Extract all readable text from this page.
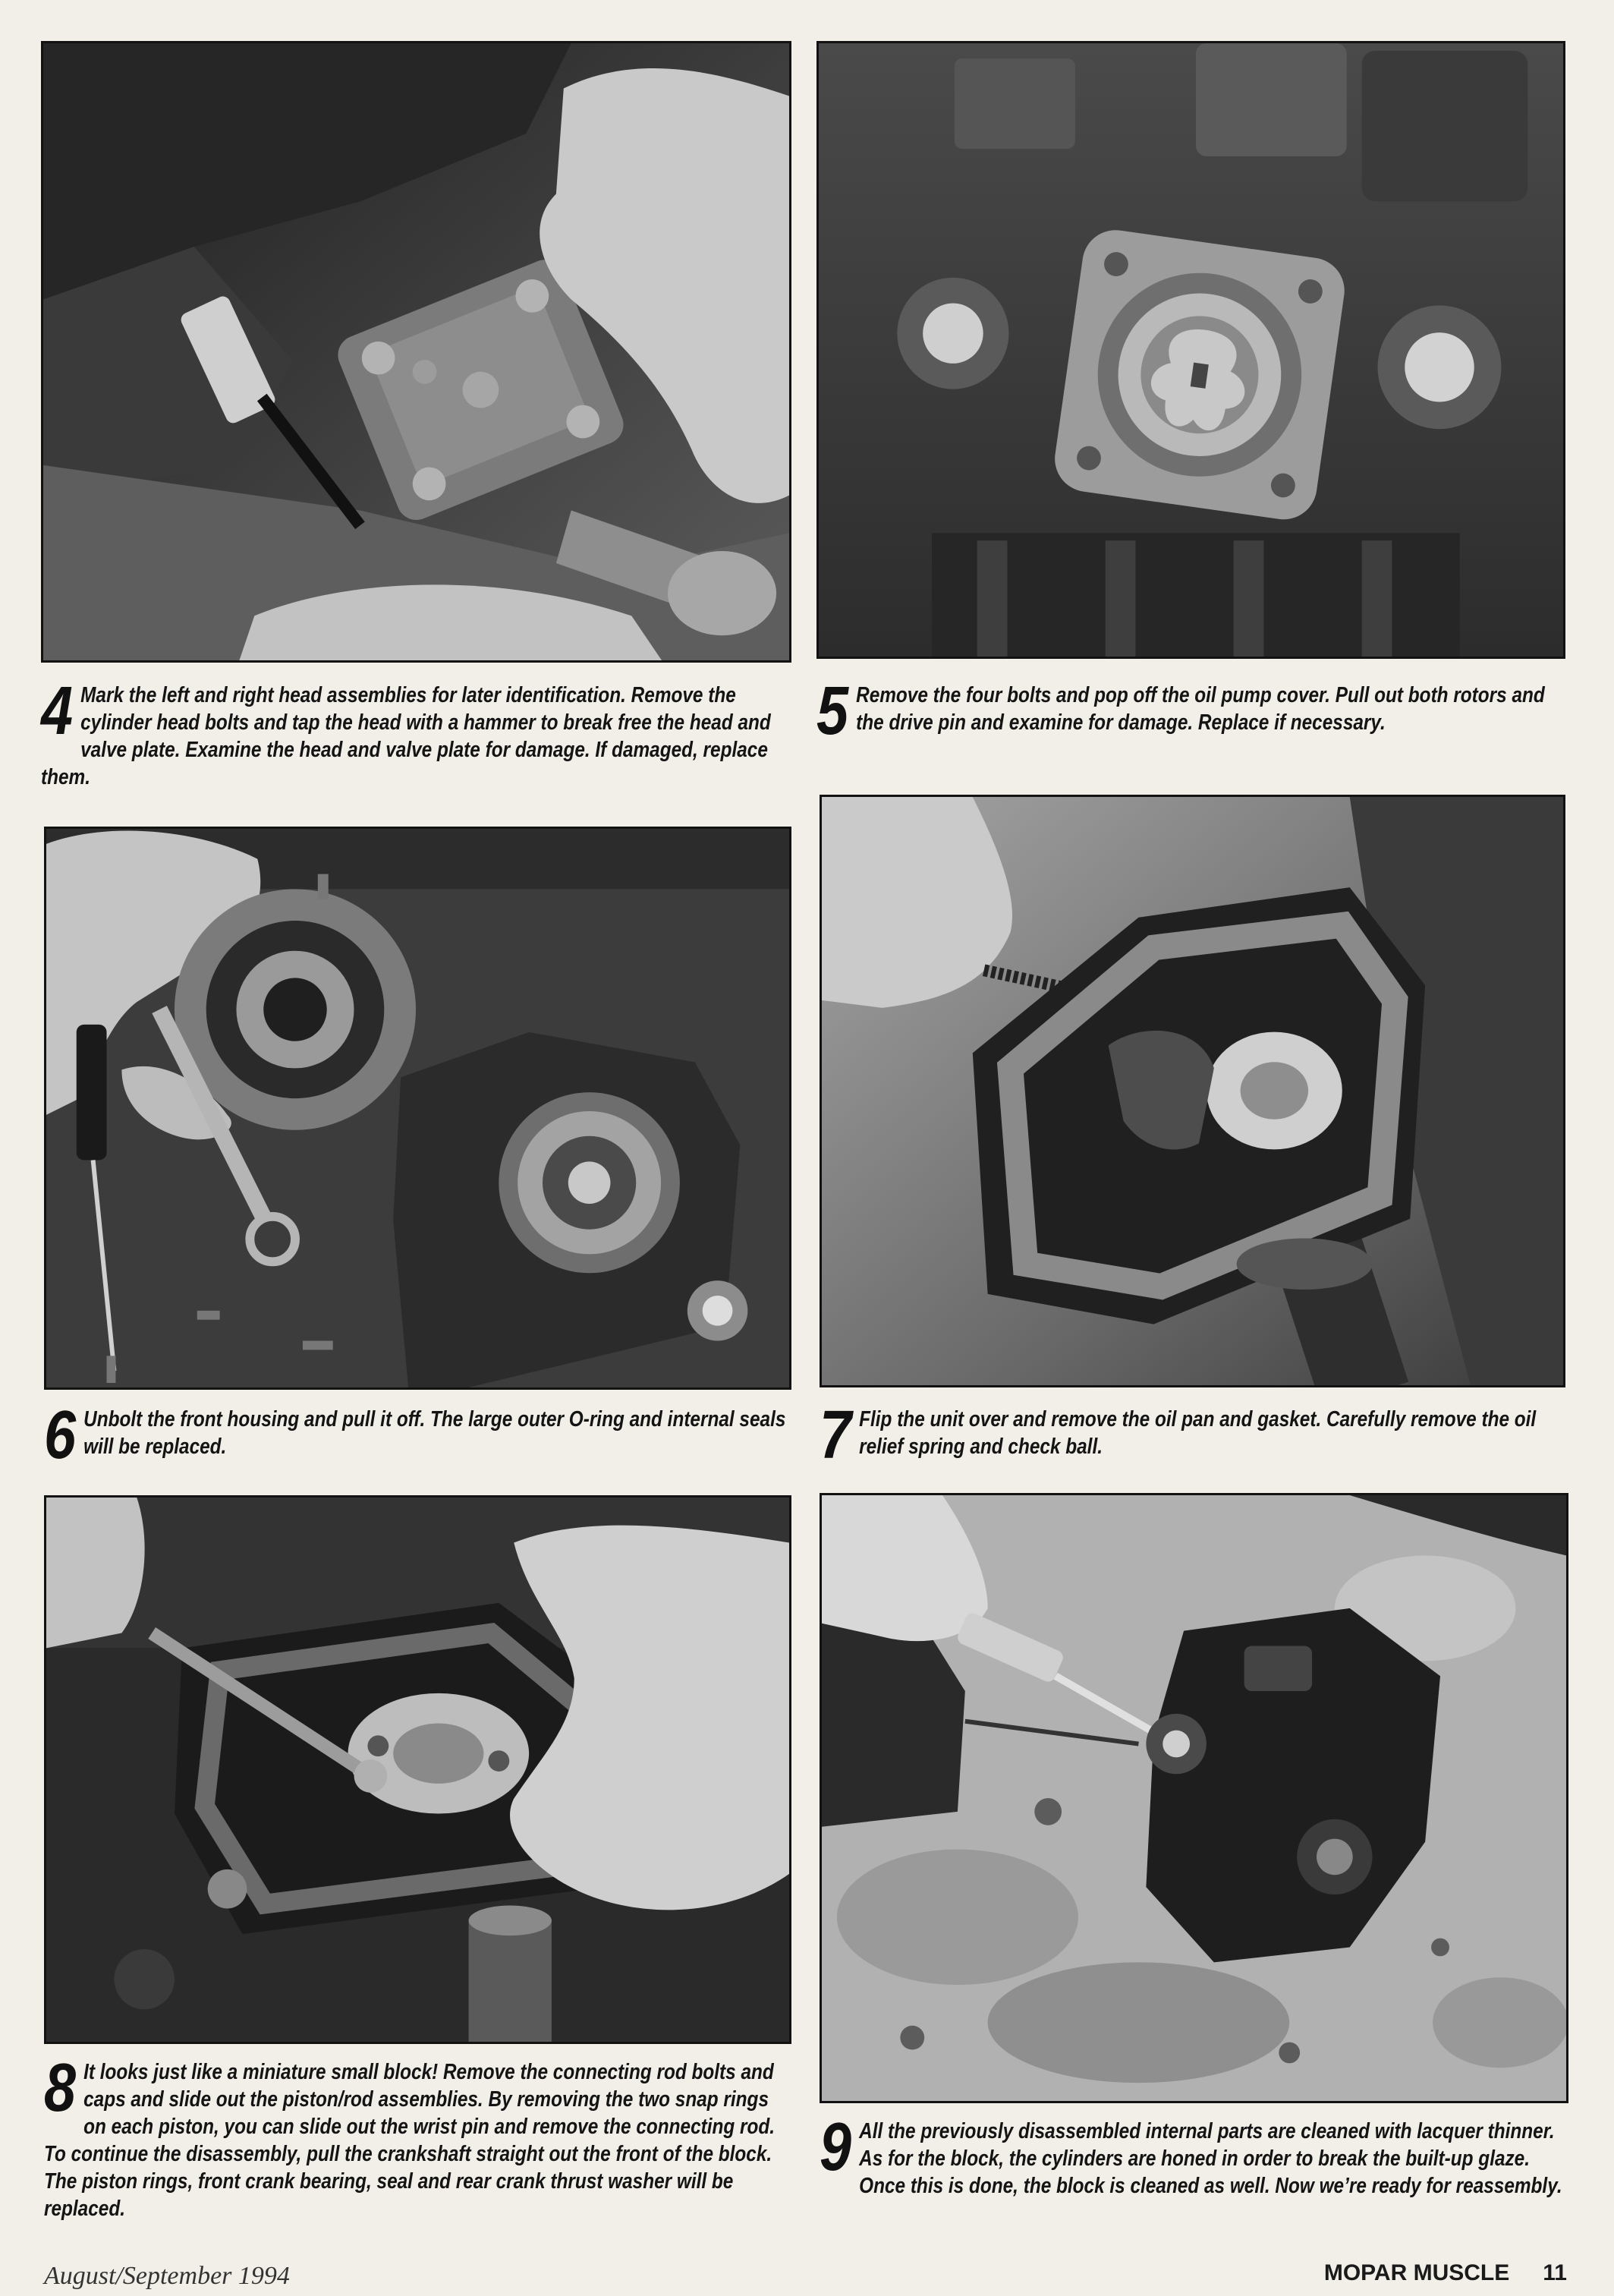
4 Mark the left and right head assemblies for later identification. Remove the cylinder head bolts and tap the head with a hammer to break free the head and valve plate. Examine the head and valve plate for damage. If damaged, replace them.
5 Remove the four bolts and pop off the oil pump cover. Pull out both rotors and the drive pin and examine for damage. Replace if necessary.
6 Unbolt the front housing and pull it off. The large outer O-ring and internal seals will be replaced.	7 Flip the unit over and remove the oil pan and gasket. Carefully remove the oil relief spring and check ball.
8 It looks just like a miniature small block! Remove the connecting rod bolts and caps and slide out the piston/rod assemblies. By removing the two snap rings on each piston, you can slide out the wrist pin and remove the connecting rod. To continue the disassembly, pull the crankshaft straight out the front of the block. The piston rings, front crank bearing, seal and rear crank thrust washer will be replaced.
9 All the previously disassembled internal parts are cleaned with lacquer thinner. As for the block, the cylinders are honed in order to break the built-up glaze. Once this is done, the block is cleaned as well. Now we’re ready for reassembly.
August/September 1994	MOPAR MUSCLE 11
